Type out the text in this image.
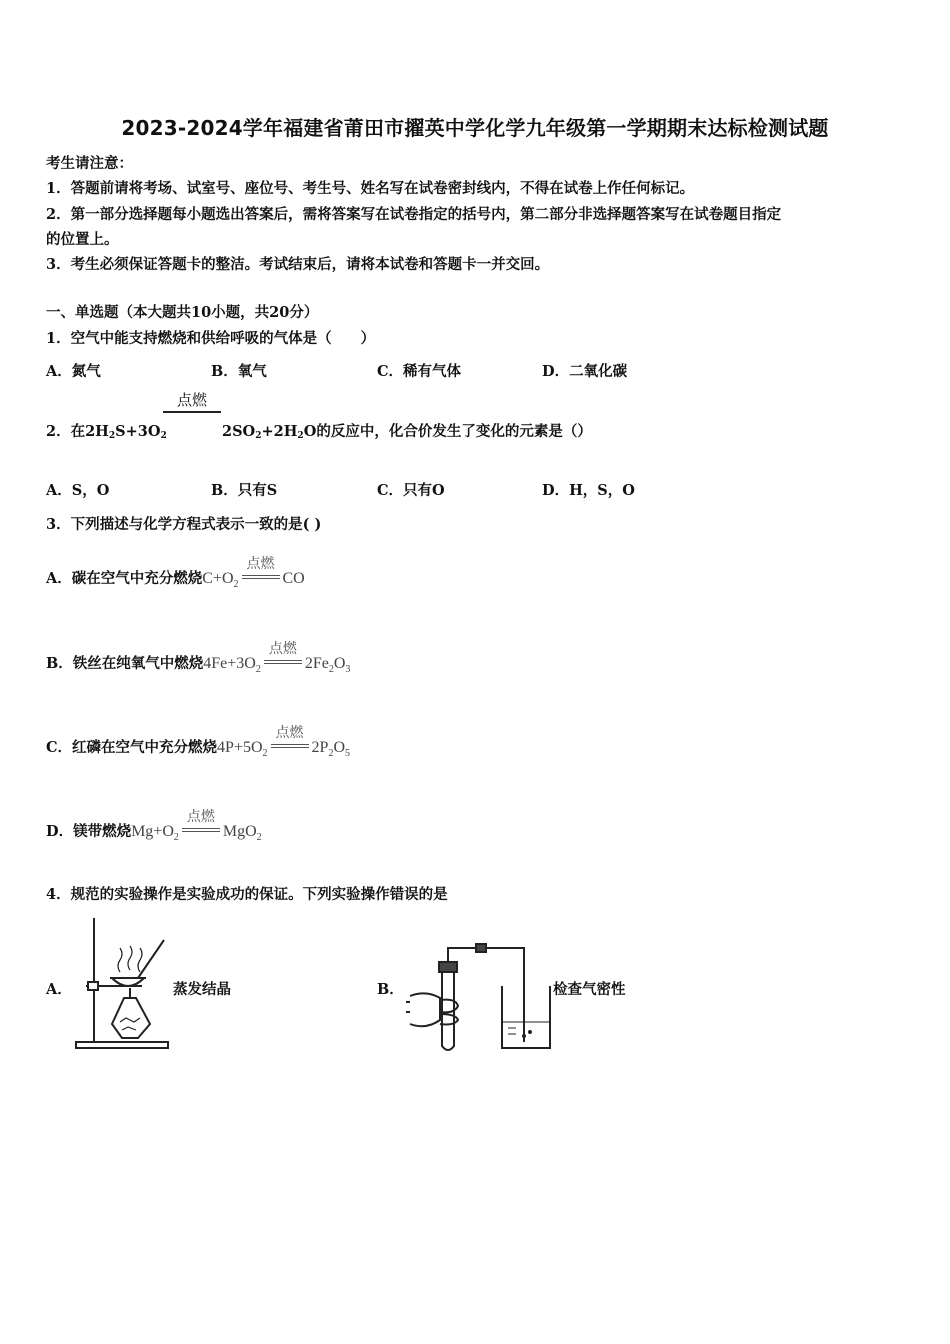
2023-2024学年福建省莆田市擢英中学化学九年级第一学期期末达标检测试题
考生请注意：
1．答题前请将考场、试室号、座位号、考生号、姓名写在试卷密封线内，不得在试卷上作任何标记。
2．第一部分选择题每小题选出答案后，需将答案写在试卷指定的括号内，第二部分非选择题答案写在试卷题目指定
的位置上。
3．考生必须保证答题卡的整洁。考试结束后，请将本试卷和答题卡一并交回。
一、单选题（本大题共10小题，共20分）
1．空气中能支持燃烧和供给呼吸的气体是（　　）
A．氮气	B．氧气	C．稀有气体	D．二氧化碳
2．在$2H_2S+3O_2$
点燃
$2SO_2+2H_2O$的反应中，化合价发生了变化的元素是（）
A．S，O	B．只有S	C．只有O	D．H，S，O
3．下列描述与化学方程式表示一致的是( )
A．碳在空气中充分燃烧$C+O_2$
点燃
CO
B．铁丝在纯氧气中燃烧$4Fe+3O_2$
点燃
$2Fe_2O_3$
C．红磷在空气中充分燃烧$4P+5O_2$
点燃
$2P_2O_5$
D．镁带燃烧$Mg+O_2$
点燃
MgO$_2$
4．规范的实验操作是实验成功的保证。下列实验操作错误的是
A．	蒸发结晶	B．	检查气密性
